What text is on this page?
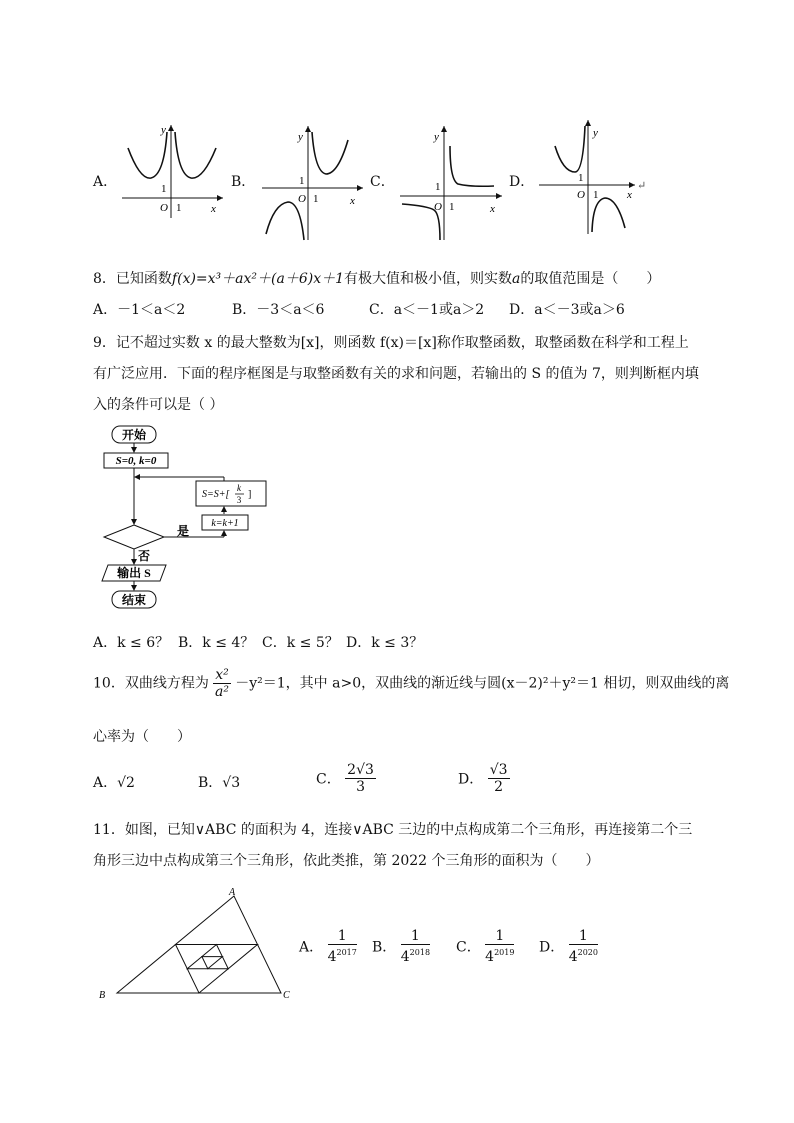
A．
O 1
1
y
x
B．
O 1
1
y
x
C．
O 1
1
y
x
D．
O 1
1
y
x
↵
8．已知函数f(x)=x³＋ax²＋(a＋6)x＋1有极大值和极小值，则实数a的取值范围是（　　）
A．－1＜a＜2	B．－3＜a＜6	C．a＜－1或a＞2 D．a＜－3或a＞6
9．记不超过实数 x 的最大整数为[x]，则函数 f(x)＝[x]称作取整函数，取整函数在科学和工程上
有广泛应用．下面的程序框图是与取整函数有关的求和问题，若输出的 S 的值为 7，则判断框内填
入的条件可以是（ ）
开始
S=0, k=0
S=S+[
k
3 ]
k=k+1
是
否
输出 S
结束
A．k ≤ 6？ B．k ≤ 4？ C．k ≤ 5？ D．k ≤ 3？
10．双曲线方程为 $\frac{\text{x²}}{\text{a²}} -y^2=1$，其中 a>0，双曲线的渐近线与圆(x－2)²＋y²＝1 相切，则双曲线的离
心率为（　　）
A．√2	B．√3	C． $\frac{2√3}{3}$	D． $\frac{√3}{2}$
11．如图，已知∨ABC 的面积为 4，连接∨ABC 三边的中点构成第二个三角形，再连接第二个三
角形三边中点构成第三个三角形，依此类推，第 2022 个三角形的面积为（　　）
A
B	C
A． $\frac{1}{4^{2017}}$ B． $\frac{1}{4^{2018}}$ C． $\frac{1}{4^{2019}}$ D． $\frac{1}{4^{2020}}$
